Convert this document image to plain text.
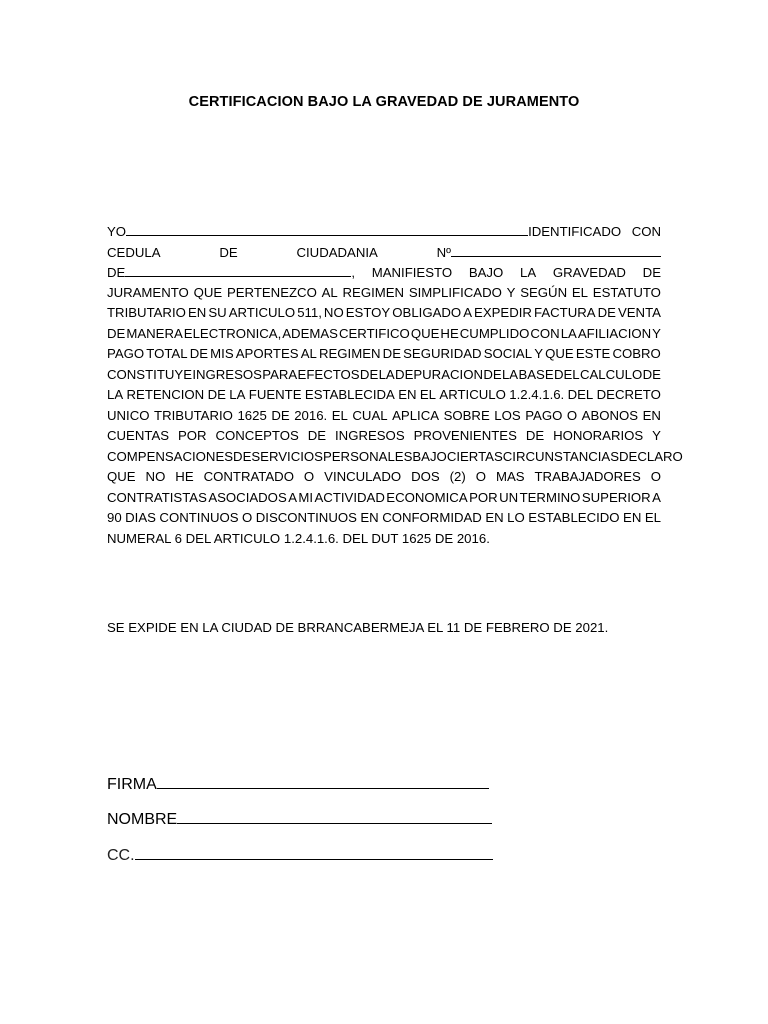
CERTIFICACION BAJO LA GRAVEDAD DE JURAMENTO
YO	IDENTIFICADO CON
CEDULA	DE	CIUDADANIA	Nº
DE	, MANIFIESTO BAJO LA GRAVEDAD DE
JURAMENTO QUE PERTENEZCO AL REGIMEN SIMPLIFICADO Y SEGÚN EL ESTATUTO
TRIBUTARIO EN SU ARTICULO 511, NO ESTOY OBLIGADO A EXPEDIR FACTURA DE VENTA
DE MANERA ELECTRONICA, ADEMAS CERTIFICO QUE HE CUMPLIDO CON LA AFILIACION Y
PAGO TOTAL DE MIS APORTES AL REGIMEN DE SEGURIDAD SOCIAL Y QUE ESTE COBRO
CONSTITUYE INGRESOS PARA EFECTOS DE LA DEPURACION DE LA BASE DEL CALCULO DE
LA RETENCION DE LA FUENTE ESTABLECIDA EN EL ARTICULO 1.2.4.1.6. DEL DECRETO
UNICO TRIBUTARIO 1625 DE 2016. EL CUAL APLICA SOBRE LOS PAGO O ABONOS EN
CUENTAS POR CONCEPTOS DE INGRESOS PROVENIENTES DE HONORARIOS Y
COMPENSACIONES DE SERVICIOS PERSONALES BAJO CIERTAS CIRCUNSTANCIAS DECLARO
QUE NO HE CONTRATADO O VINCULADO DOS (2) O MAS TRABAJADORES O
CONTRATISTAS ASOCIADOS A MI ACTIVIDAD ECONOMICA POR UN TERMINO SUPERIOR A
90 DIAS CONTINUOS O DISCONTINUOS EN CONFORMIDAD EN LO ESTABLECIDO EN EL
NUMERAL 6 DEL ARTICULO 1.2.4.1.6. DEL DUT 1625 DE 2016.
SE EXPIDE EN LA CIUDAD DE BRRANCABERMEJA EL 11 DE FEBRERO DE 2021.
FIRMA
NOMBRE
CC.
